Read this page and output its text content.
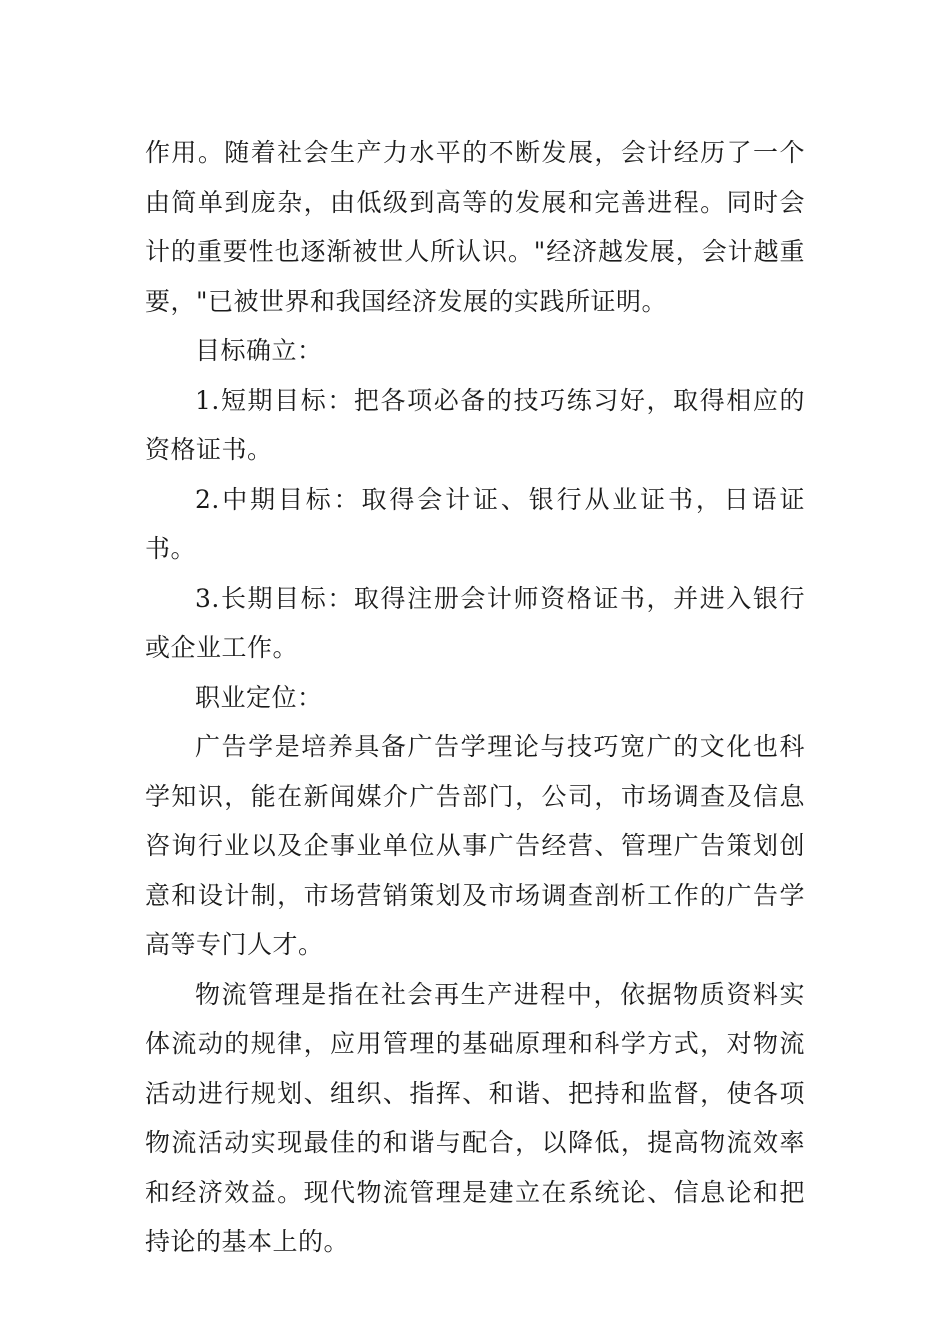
作用。随着社会生产力水平的不断发展，会计经历了一个由简单到庞杂，由低级到高等的发展和完善进程。同时会计的重要性也逐渐被世人所认识。"经济越发展，会计越重要，"已被世界和我国经济发展的实践所证明。

目标确立：

1.短期目标：把各项必备的技巧练习好，取得相应的资格证书。

2.中期目标：取得会计证、银行从业证书，日语证书。

3.长期目标：取得注册会计师资格证书，并进入银行或企业工作。

职业定位：

广告学是培养具备广告学理论与技巧宽广的文化也科学知识，能在新闻媒介广告部门，公司，市场调查及信息咨询行业以及企事业单位从事广告经营、管理广告策划创意和设计制，市场营销策划及市场调查剖析工作的广告学高等专门人才。

物流管理是指在社会再生产进程中，依据物质资料实体流动的规律，应用管理的基础原理和科学方式，对物流活动进行规划、组织、指挥、和谐、把持和监督，使各项物流活动实现最佳的和谐与配合，以降低，提高物流效率和经济效益。现代物流管理是建立在系统论、信息论和把持论的基本上的。
